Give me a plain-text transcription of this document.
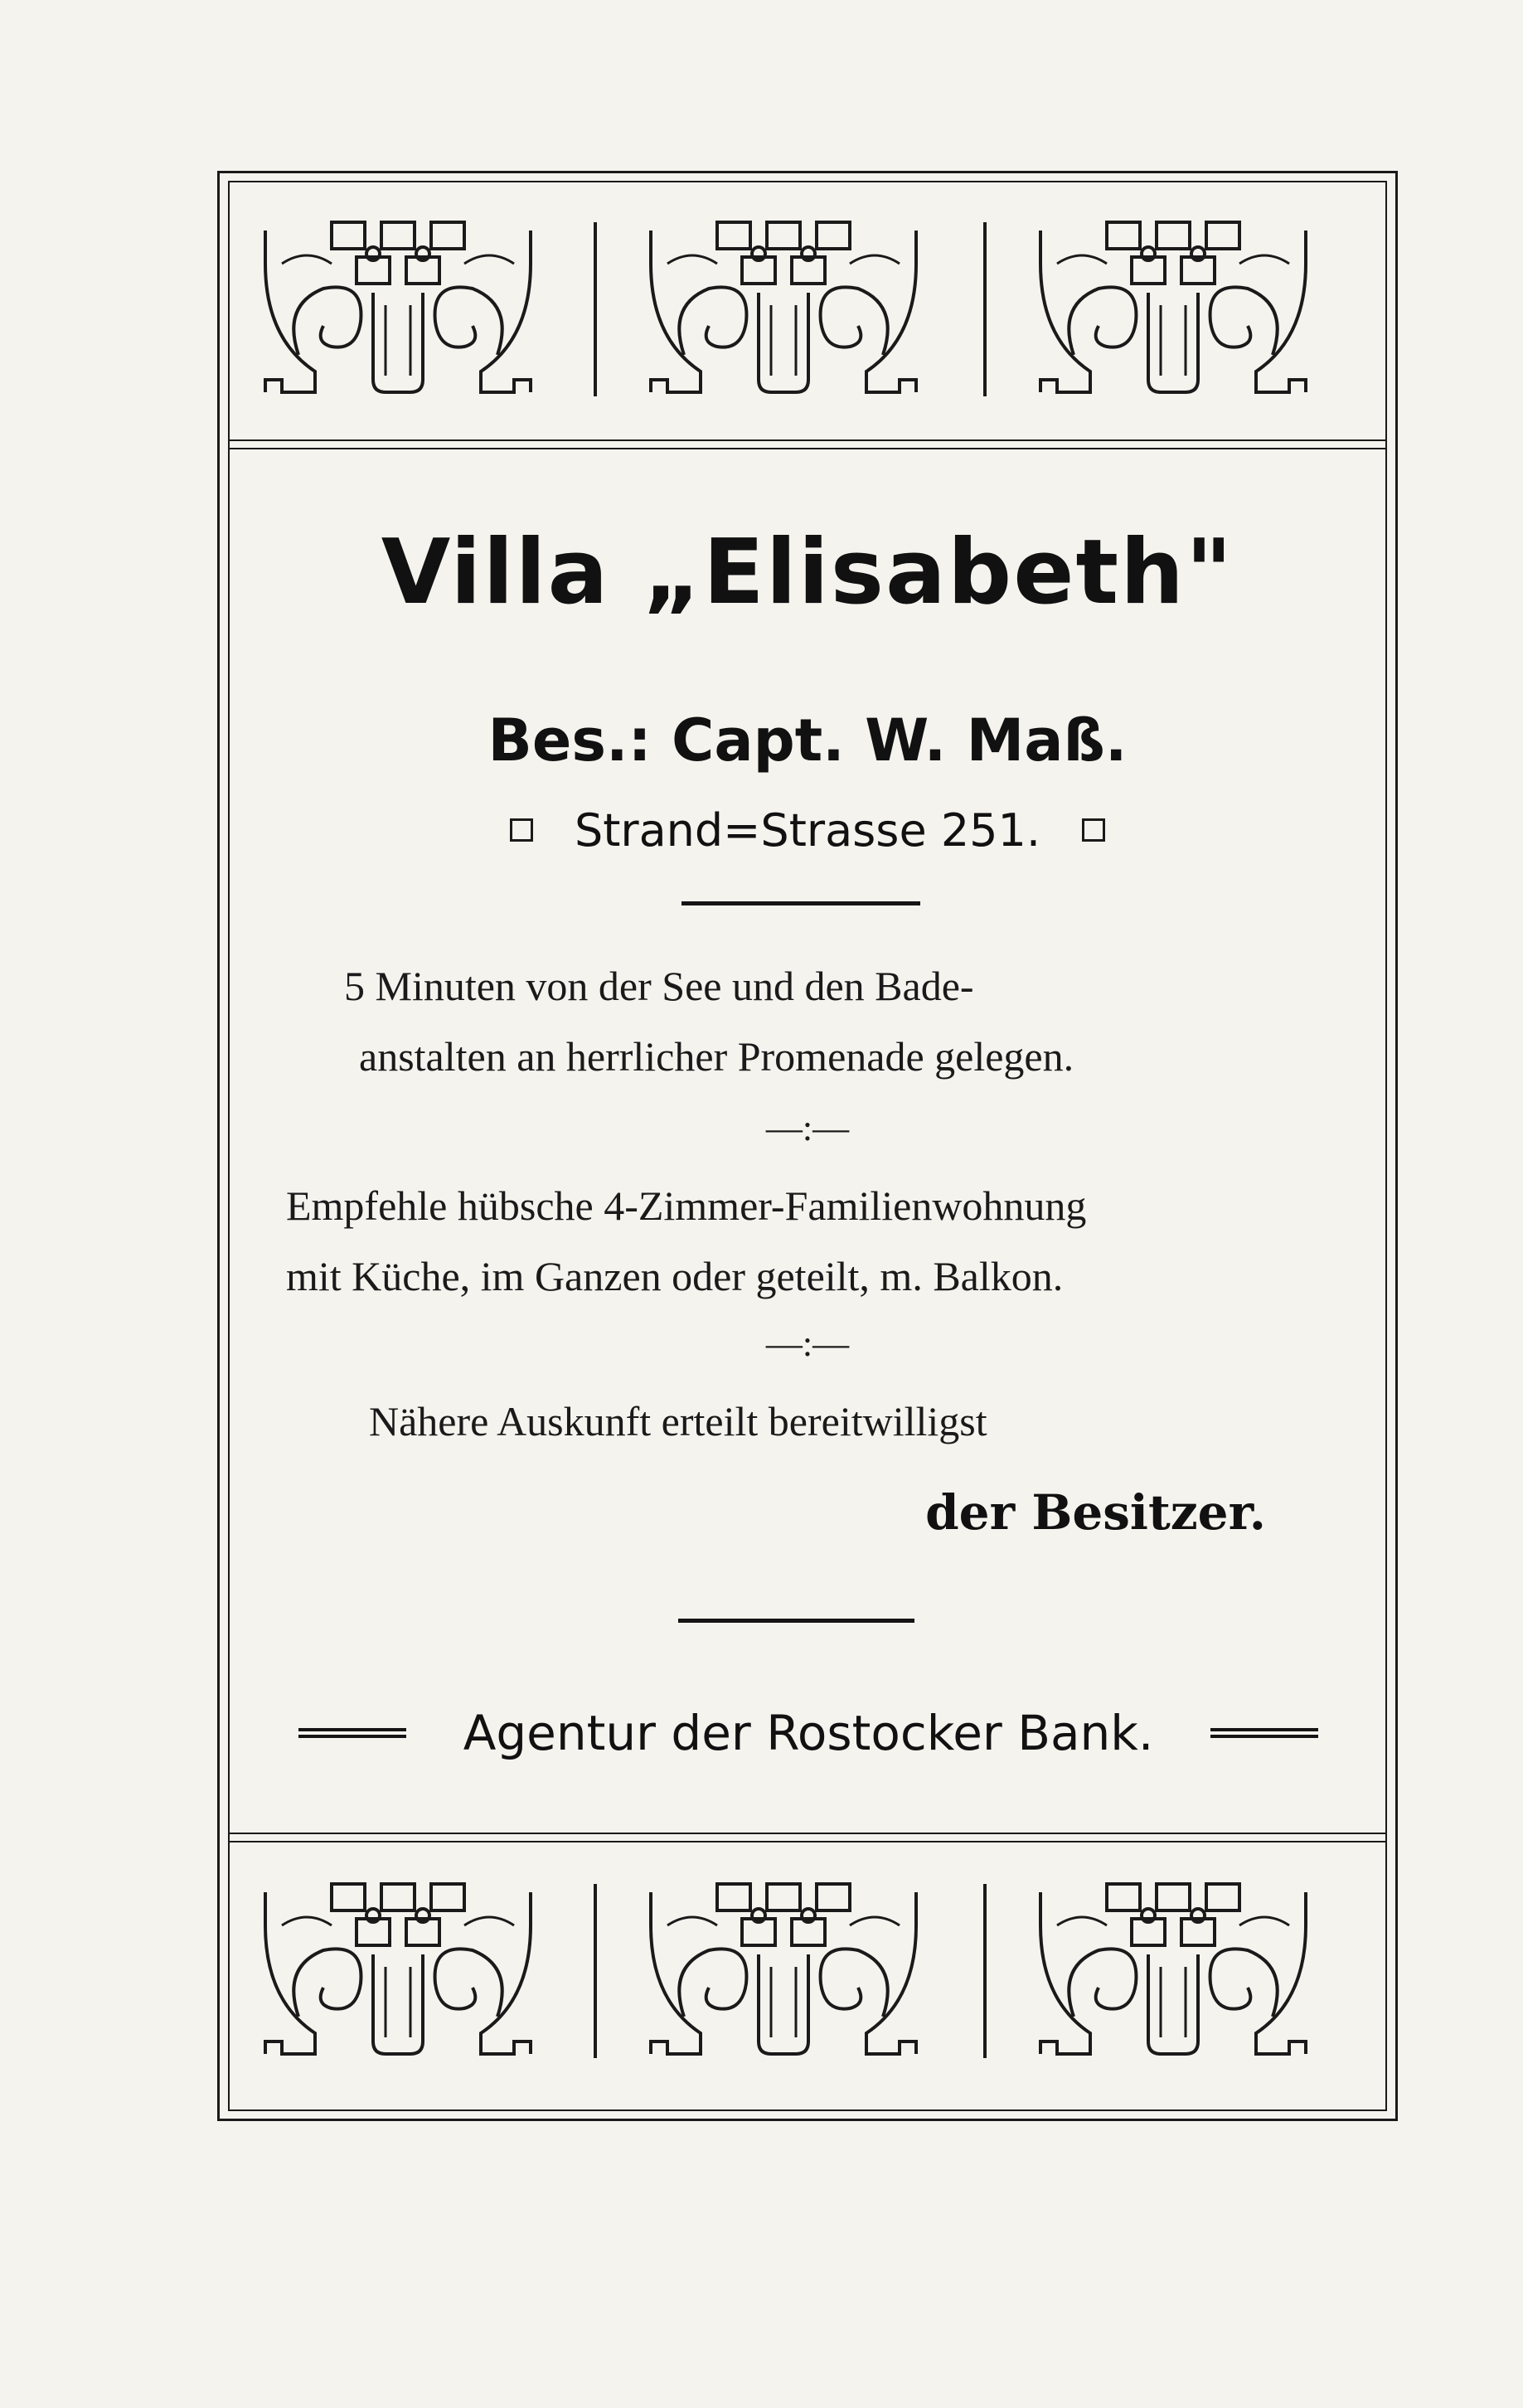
Villa „Elisabeth"

Bes.: Capt. W. Maß.

Strand=Strasse 251.
5 Minuten von der See und den Bade-
anstalten an herrlicher Promenade gelegen.
—:—
Empfehle hübsche 4-Zimmer-Familienwohnung
mit Küche, im Ganzen oder geteilt, m. Balkon.
—:—
Nähere Auskunft erteilt bereitwilligst
der Besitzer.
Agentur der Rostocker Bank.
